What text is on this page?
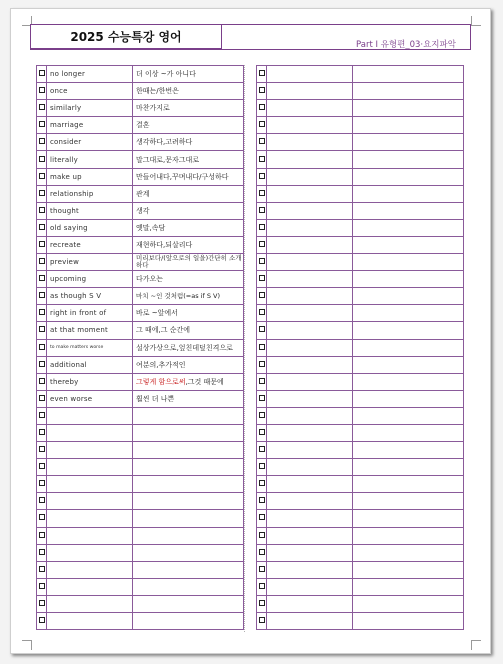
2025 수능특강 영어
Part Ⅰ 유형편_03·요지파악
	no longer	더 이상 ~가 아니다
	once	한때는/한번은
	similarly	마찬가지로
	marriage	결혼
	consider	생각하다,고려하다
	literally	말그대로,문자그대로
	make up	만들어내다,꾸며내다/구성하다
	relationship	관계
	thought	생각
	old saying	옛말,속담
	recreate	재현하다,되살리다
	preview	미리보다/(앞으로의 일을)간단히 소개하다
	upcoming	다가오는
	as though S V	마치 ~인 것처럼(=as if S V)
	right in front of	바로 ~앞에서
	at that moment	그 때에,그 순간에
	to make matters worse	설상가상으로,엎친데덮친격으로
	additional	여분의,추가적인
	thereby	그렇게 함으로써,그것 때문에
	even worse	훨씬 더 나쁜
